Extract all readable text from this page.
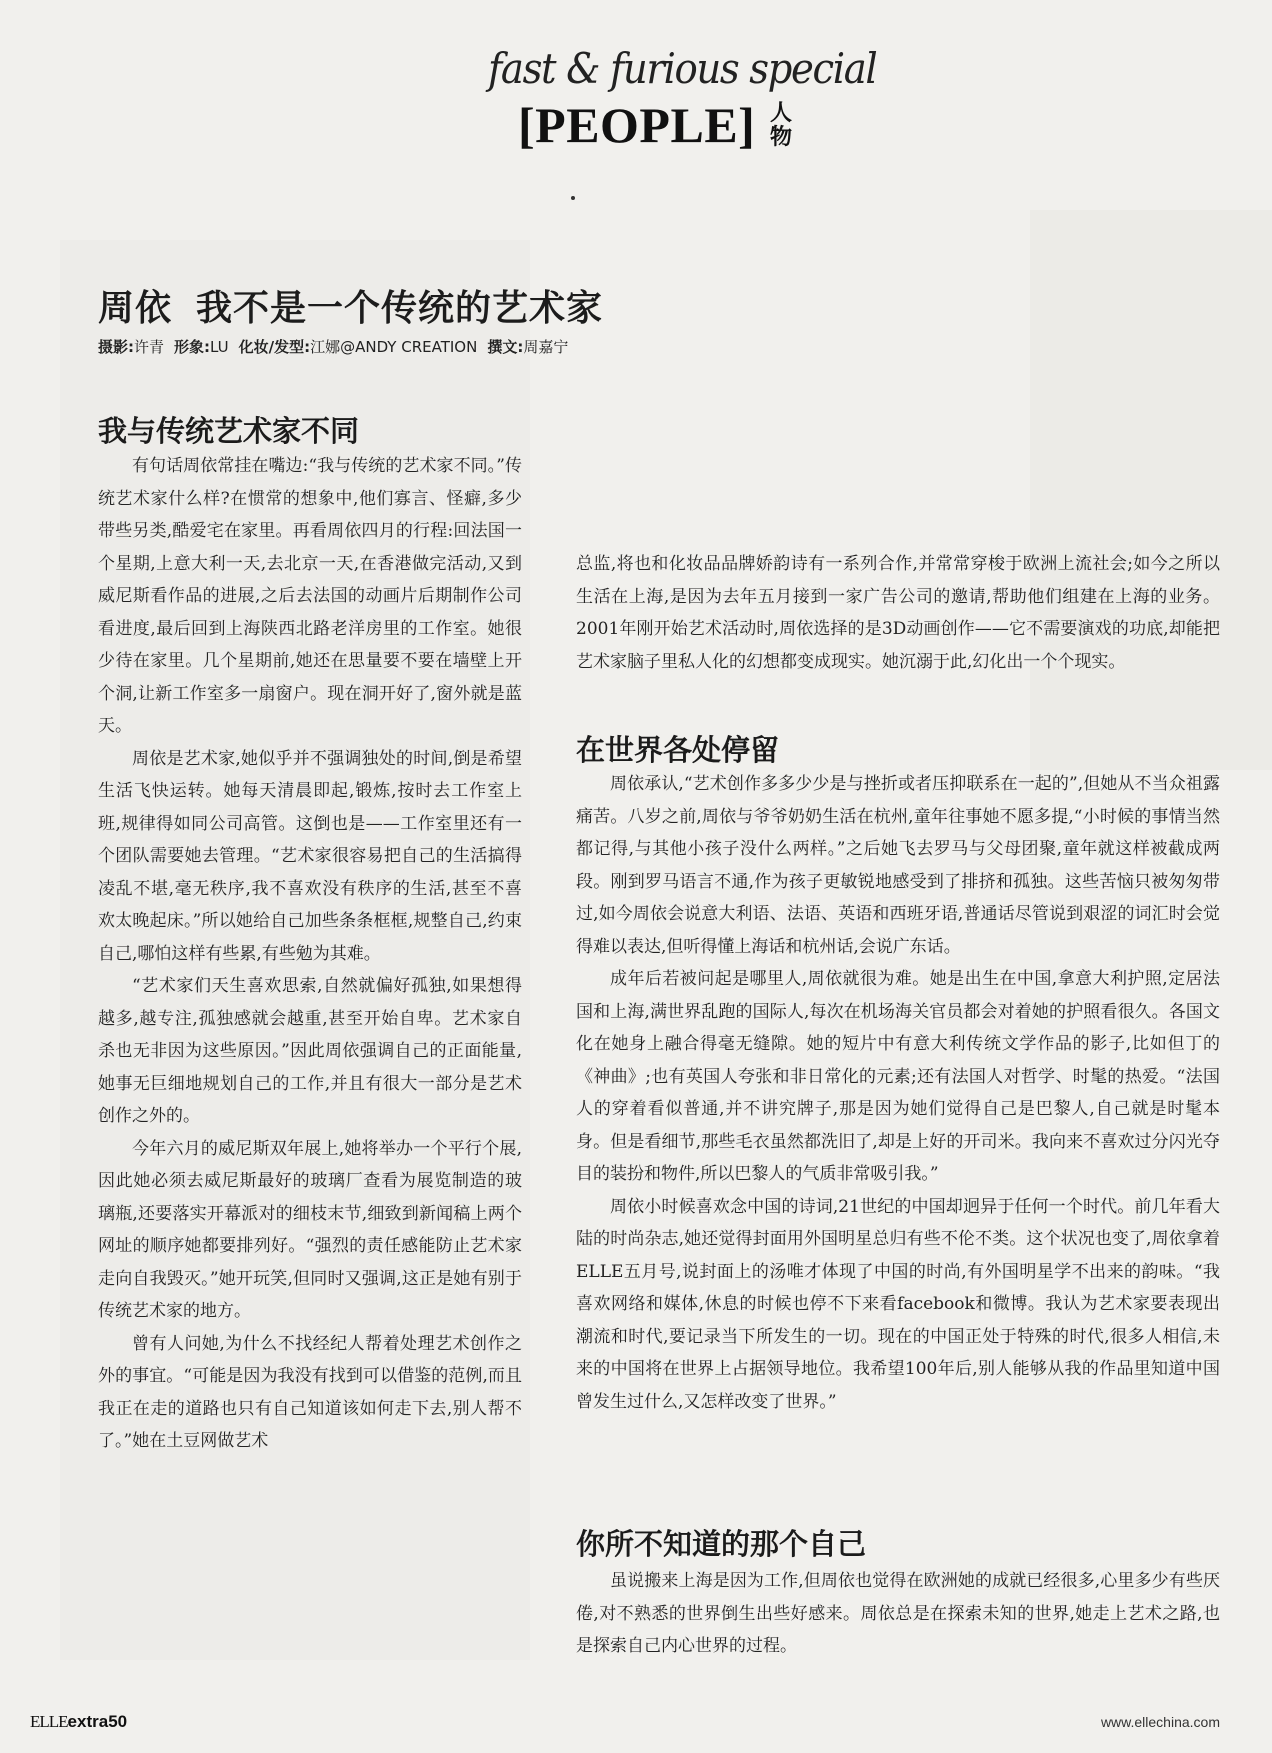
fast & furious special
[PEOPLE] 人物
周依 我不是一个传统的艺术家
摄影:许青 形象:LU 化妆/发型:江娜@ANDY CREATION 撰文:周嘉宁
我与传统艺术家不同

有句话周依常挂在嘴边:“我与传统的艺术家不同。”传统艺术家什么样?在惯常的想象中,他们寡言、怪癖,多少带些另类,酷爱宅在家里。再看周依四月的行程:回法国一个星期,上意大利一天,去北京一天,在香港做完活动,又到威尼斯看作品的进展,之后去法国的动画片后期制作公司看进度,最后回到上海陕西北路老洋房里的工作室。她很少待在家里。几个星期前,她还在思量要不要在墙壁上开个洞,让新工作室多一扇窗户。现在洞开好了,窗外就是蓝天。

周依是艺术家,她似乎并不强调独处的时间,倒是希望生活飞快运转。她每天清晨即起,锻炼,按时去工作室上班,规律得如同公司高管。这倒也是——工作室里还有一个团队需要她去管理。“艺术家很容易把自己的生活搞得凌乱不堪,毫无秩序,我不喜欢没有秩序的生活,甚至不喜欢太晚起床。”所以她给自己加些条条框框,规整自己,约束自己,哪怕这样有些累,有些勉为其难。

“艺术家们天生喜欢思索,自然就偏好孤独,如果想得越多,越专注,孤独感就会越重,甚至开始自卑。艺术家自杀也无非因为这些原因。”因此周依强调自己的正面能量,她事无巨细地规划自己的工作,并且有很大一部分是艺术创作之外的。

今年六月的威尼斯双年展上,她将举办一个平行个展,因此她必须去威尼斯最好的玻璃厂查看为展览制造的玻璃瓶,还要落实开幕派对的细枝末节,细致到新闻稿上两个网址的顺序她都要排列好。“强烈的责任感能防止艺术家走向自我毁灭。”她开玩笑,但同时又强调,这正是她有别于传统艺术家的地方。

曾有人问她,为什么不找经纪人帮着处理艺术创作之外的事宜。“可能是因为我没有找到可以借鉴的范例,而且我正在走的道路也只有自己知道该如何走下去,别人帮不了。”她在土豆网做艺术

总监,将也和化妆品品牌娇韵诗有一系列合作,并常常穿梭于欧洲上流社会;如今之所以生活在上海,是因为去年五月接到一家广告公司的邀请,帮助他们组建在上海的业务。2001年刚开始艺术活动时,周依选择的是3D动画创作——它不需要演戏的功底,却能把艺术家脑子里私人化的幻想都变成现实。她沉溺于此,幻化出一个个现实。

在世界各处停留

周依承认,“艺术创作多多少少是与挫折或者压抑联系在一起的”,但她从不当众祖露痛苦。八岁之前,周依与爷爷奶奶生活在杭州,童年往事她不愿多提,“小时候的事情当然都记得,与其他小孩子没什么两样。”之后她飞去罗马与父母团聚,童年就这样被截成两段。刚到罗马语言不通,作为孩子更敏锐地感受到了排挤和孤独。这些苦恼只被匆匆带过,如今周依会说意大利语、法语、英语和西班牙语,普通话尽管说到艰涩的词汇时会觉得难以表达,但听得懂上海话和杭州话,会说广东话。

成年后若被问起是哪里人,周依就很为难。她是出生在中国,拿意大利护照,定居法国和上海,满世界乱跑的国际人,每次在机场海关官员都会对着她的护照看很久。各国文化在她身上融合得毫无缝隙。她的短片中有意大利传统文学作品的影子,比如但丁的《神曲》;也有英国人夸张和非日常化的元素;还有法国人对哲学、时髦的热爱。“法国人的穿着看似普通,并不讲究牌子,那是因为她们觉得自己是巴黎人,自己就是时髦本身。但是看细节,那些毛衣虽然都洗旧了,却是上好的开司米。我向来不喜欢过分闪光夺目的装扮和物件,所以巴黎人的气质非常吸引我。”

周依小时候喜欢念中国的诗词,21世纪的中国却迥异于任何一个时代。前几年看大陆的时尚杂志,她还觉得封面用外国明星总归有些不伦不类。这个状况也变了,周依拿着ELLE五月号,说封面上的汤唯才体现了中国的时尚,有外国明星学不出来的韵味。“我喜欢网络和媒体,休息的时候也停不下来看facebook和微博。我认为艺术家要表现出潮流和时代,要记录当下所发生的一切。现在的中国正处于特殊的时代,很多人相信,未来的中国将在世界上占据领导地位。我希望100年后,别人能够从我的作品里知道中国曾发生过什么,又怎样改变了世界。”

你所不知道的那个自己

虽说搬来上海是因为工作,但周依也觉得在欧洲她的成就已经很多,心里多少有些厌倦,对不熟悉的世界倒生出些好感来。周依总是在探索未知的世界,她走上艺术之路,也是探索自己内心世界的过程。

ELLEextra50	www.ellechina.com
